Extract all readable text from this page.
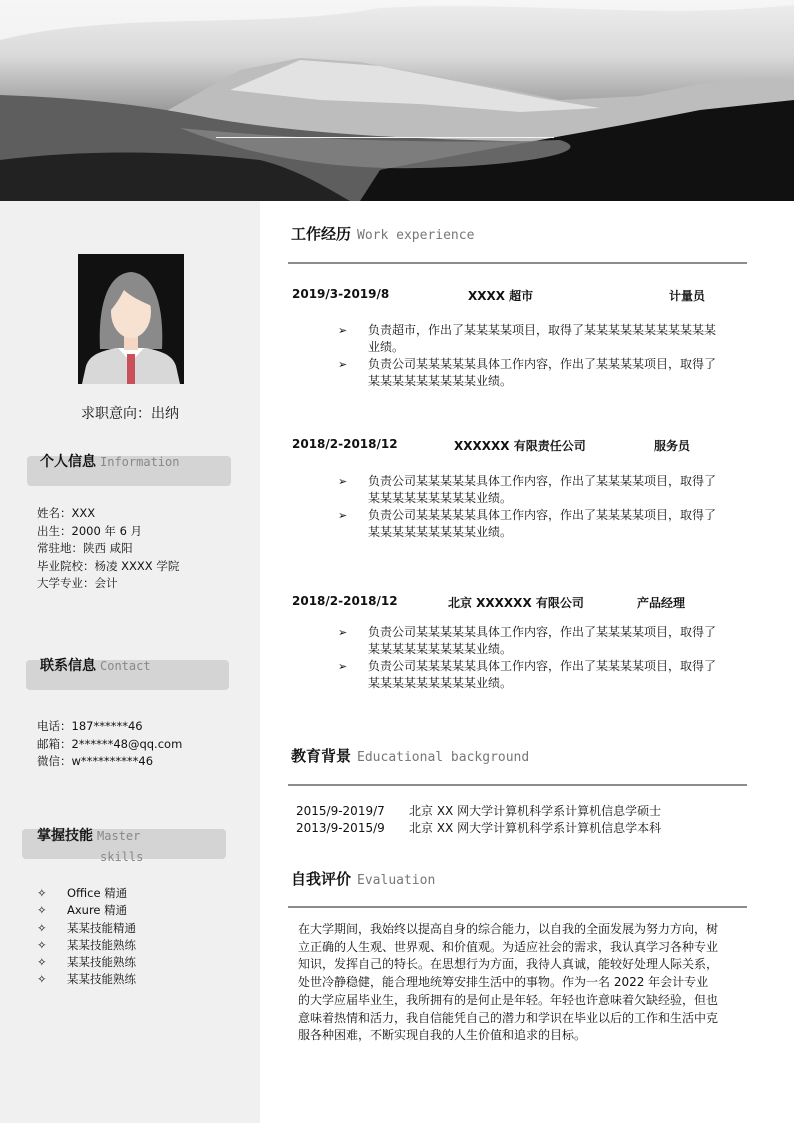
求职意向：出纳
个人信息 Information
姓名：XXX
出生：2000 年 6 月
常驻地：陕西 咸阳
毕业院校：杨凌 XXXX 学院
大学专业：会计
联系信息 Contact
电话：187******46
邮箱：2******48@qq.com
微信：w**********46
掌握技能 Master
skills
✧ Office 精通
✧ Axure 精通
✧ 某某技能精通
✧ 某某技能熟练
✧ 某某技能熟练
✧ 某某技能熟练
工作经历 Work experience
2019/3-2019/8	XXXX 超市	计量员
➢ 负责超市，作出了某某某某项目，取得了某某某某某某某某某某某业绩。
➢ 负责公司某某某某某具体工作内容，作出了某某某某项目，取得了某某某某某某某某某业绩。
2018/2-2018/12	XXXXXX 有限责任公司	服务员
➢ 负责公司某某某某某具体工作内容，作出了某某某某项目，取得了某某某某某某某某某业绩。
➢ 负责公司某某某某某具体工作内容，作出了某某某某项目，取得了某某某某某某某某某业绩。
2018/2-2018/12	北京 XXXXXX 有限公司	产品经理
➢ 负责公司某某某某某具体工作内容，作出了某某某某项目，取得了某某某某某某某某某业绩。
➢ 负责公司某某某某某具体工作内容，作出了某某某某项目，取得了某某某某某某某某某业绩。
教育背景 Educational background
2015/9-2019/7 北京 XX 网大学计算机科学系计算机信息学硕士
2013/9-2015/9 北京 XX 网大学计算机科学系计算机信息学本科
自我评价 Evaluation
在大学期间，我始终以提高自身的综合能力，以自我的全面发展为努力方向，树立正确的人生观、世界观、和价值观。为适应社会的需求，我认真学习各种专业知识，发挥自己的特长。在思想行为方面，我待人真诚，能较好处理人际关系，处世冷静稳健，能合理地统筹安排生活中的事物。作为一名 2022 年会计专业的大学应届毕业生，我所拥有的是何止是年轻。年轻也许意味着欠缺经验，但也意味着热情和活力，我自信能凭自己的潜力和学识在毕业以后的工作和生活中克服各种困难，不断实现自我的人生价值和追求的目标。
